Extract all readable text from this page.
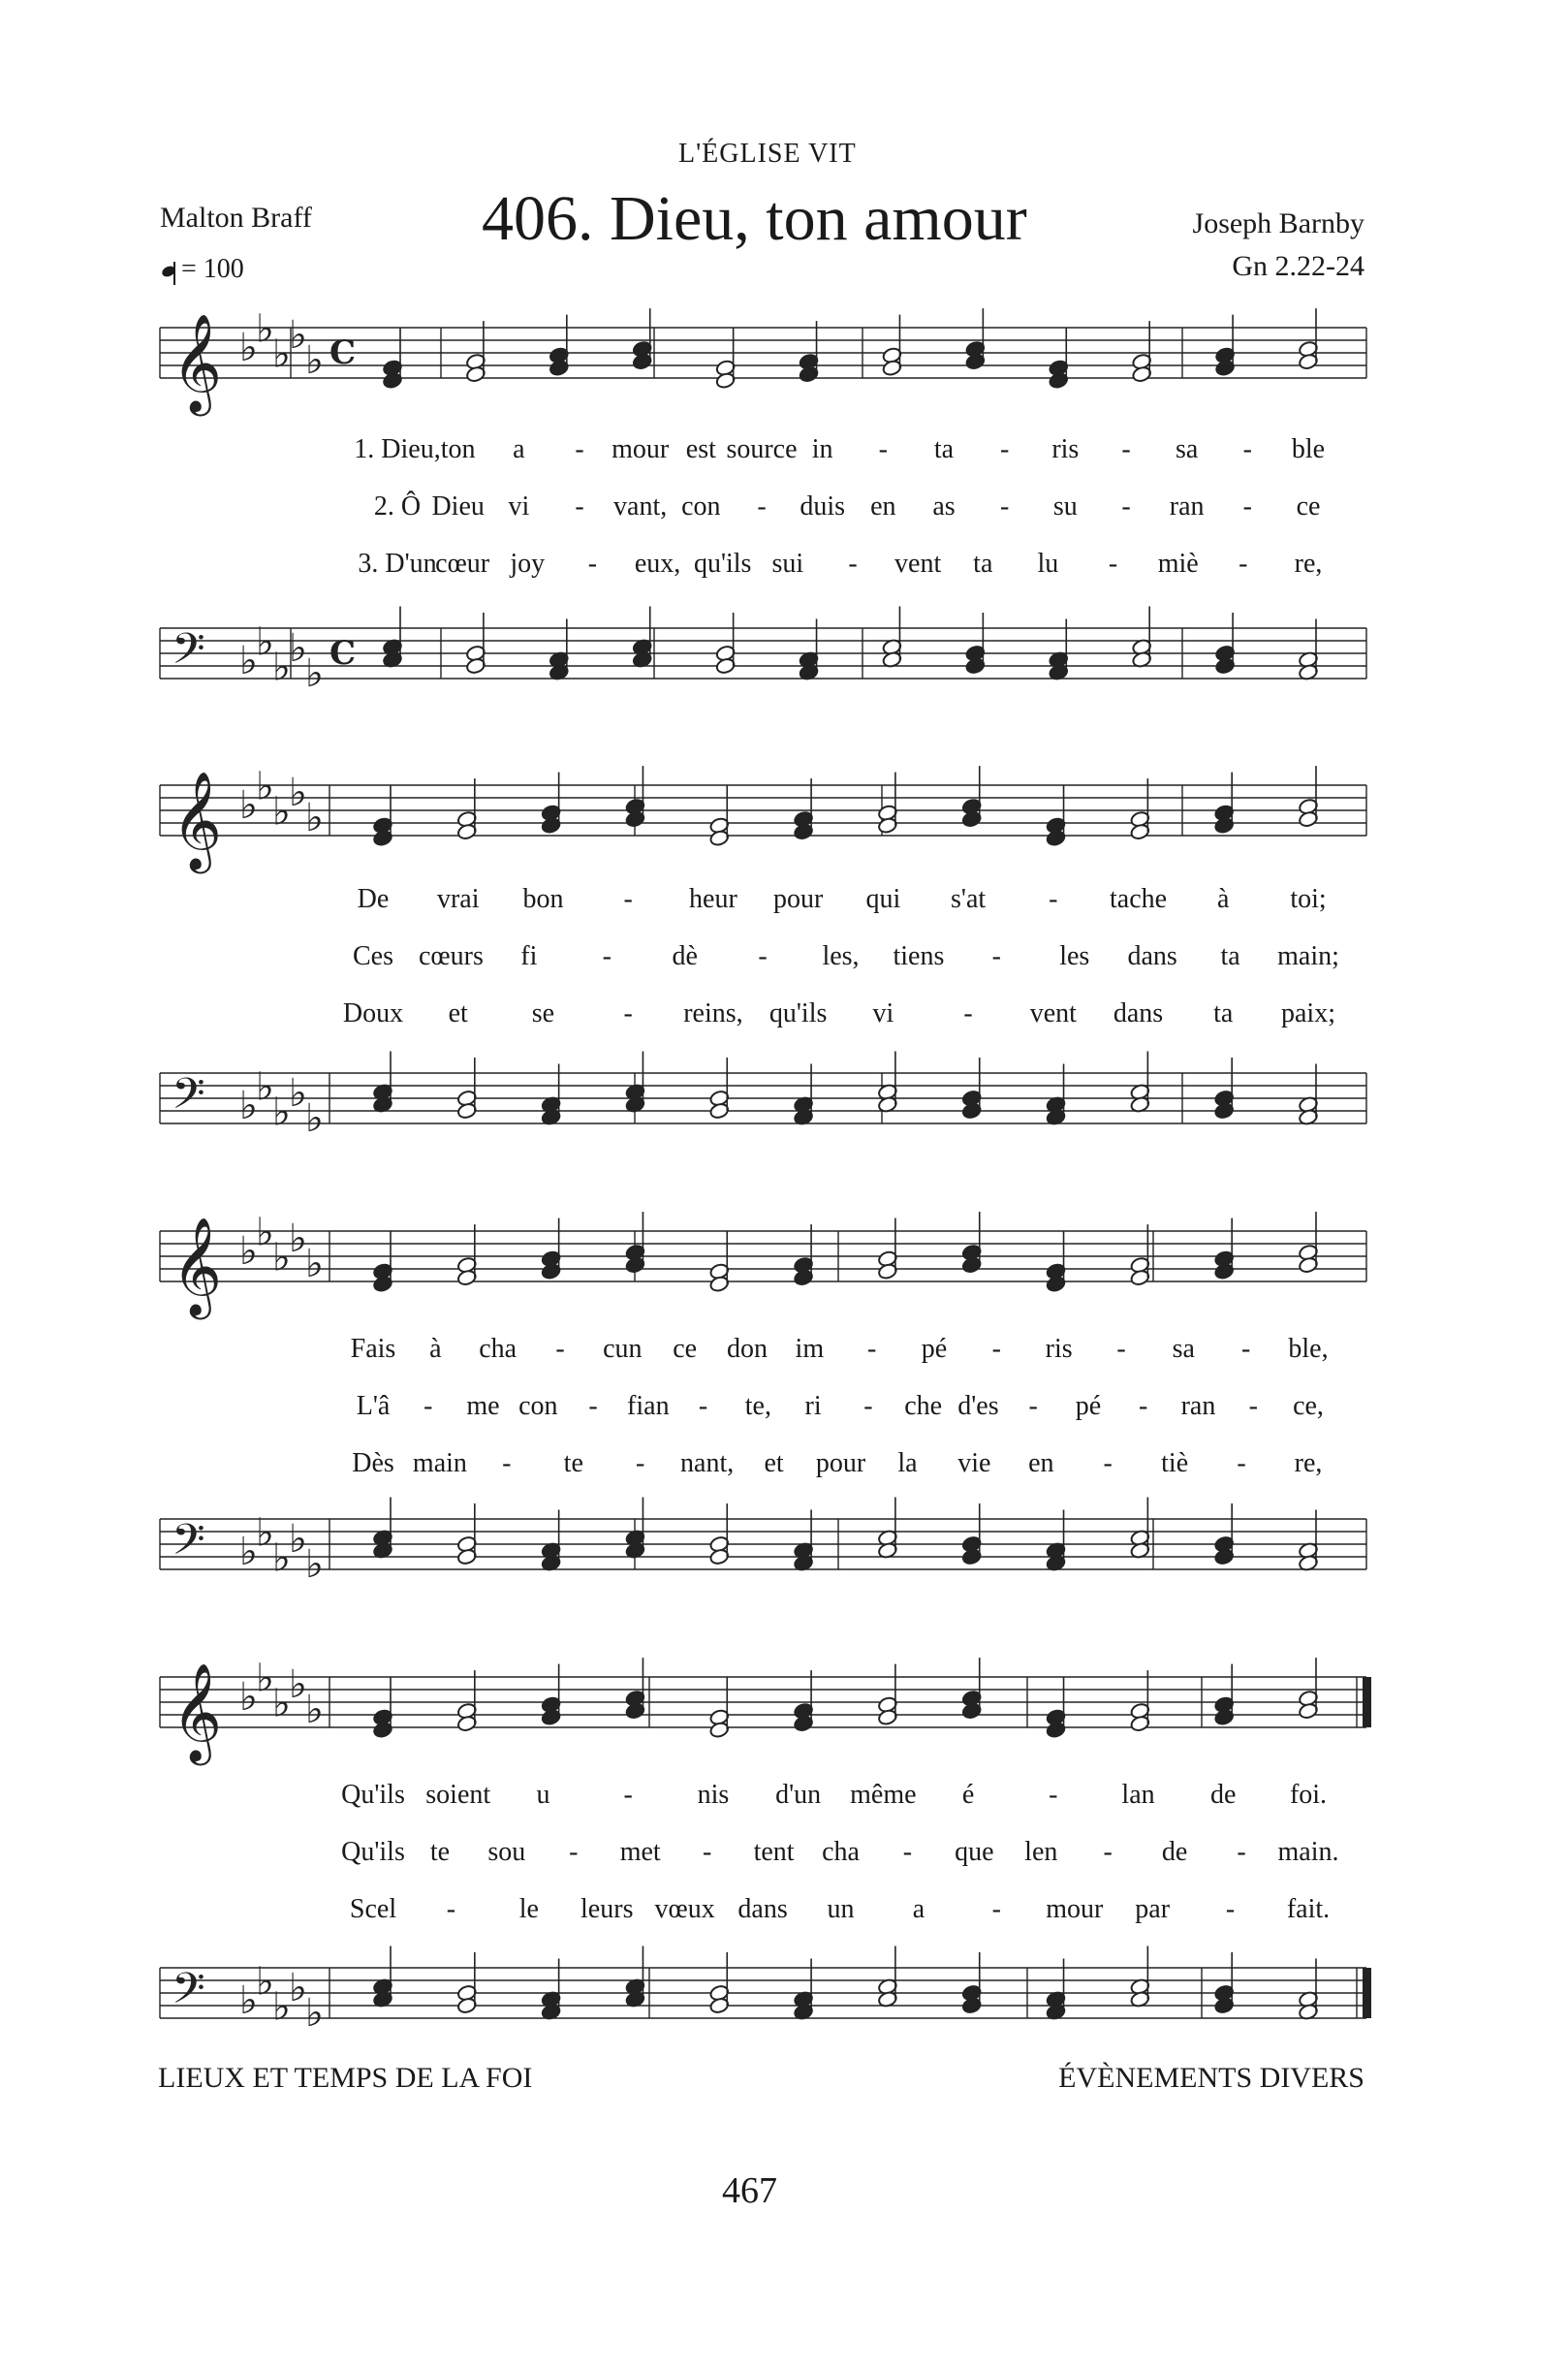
L'ÉGLISE VIT
Malton Braff	406. Dieu, ton amour	Joseph Barnby
Gn 2.22-24
= 100
𝄞 ♭
♭
♭
♭
♭ C
1. Dieu, ton a - mour est source in - ta - ris - sa - ble
2. Ô Dieu vi - vant, con - duis en as - su - ran - ce
3. D'un
cœur joy - eux, qu'ils sui - vent ta lu - miè - re,
𝄢 ♭
♭
♭
♭
♭ C
𝄞 ♭
♭
♭
♭
♭
De vrai bon - heur pour qui s'at - tache à toi;
Ces cœurs fi - dè - les, tiens - les dans ta main;
Doux et se	- reins, qu'ils vi	- vent dans ta paix;
𝄢 ♭
♭
♭
♭
♭
𝄞 ♭
♭
♭
♭
♭
Fais à cha - cun ce don im - pé - ris - sa - ble,
L'â - me con - fian - te, ri - che d'es - pé - ran - ce,
Dès main - te - nant, et pour la vie en - tiè - re,
𝄢 ♭
♭
♭
♭
♭
𝄞 ♭
♭
♭
♭
♭
Qu'ils soient u	- nis d'un même é	- lan de foi.
Qu'ils te sou - met - tent cha - que len - de - main.
Scel - le leurs vœux dans un a - mour par - fait.
𝄢 ♭
♭
♭
♭
♭
LIEUX ET TEMPS DE LA FOI	ÉVÈNEMENTS DIVERS
467
